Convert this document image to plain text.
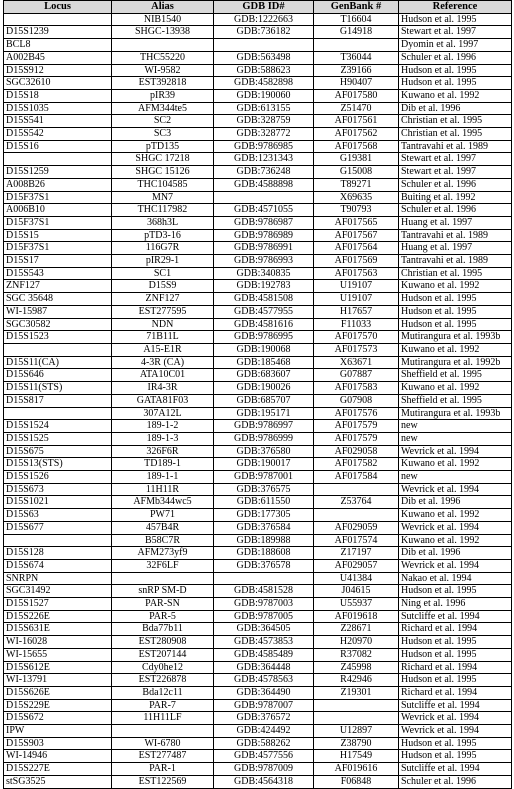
Locus	Alias	GDB ID#	GenBank #	Reference
	NIB1540	GDB:1222663	T16604	Hudson et al. 1995
D15S1239	SHGC-13938	GDB:736182	G14918	Stewart et al. 1997
BCL8				Dyomin et al. 1997
A002B45	THC55220	GDB:563498	T36044	Schuler et al. 1996
D15S912	WI-9582	GDB:588623	Z39166	Hudson et al. 1995
SGC32610	EST392818	GDB:4582898	H90407	Hudson et al. 1995
D15S18	pIR39	GDB:190060	AF017580	Kuwano et al. 1992
D15S1035	AFM344te5	GDB:613155	Z51470	Dib et al. 1996
D15S541	SC2	GDB:328759	AF017561	Christian et al. 1995
D15S542	SC3	GDB:328772	AF017562	Christian et al. 1995
D15S16	pTD135	GDB:9786985	AF017568	Tantravahi et al. 1989
	SHGC 17218	GDB:1231343	G19381	Stewart et al. 1997
D15S1259	SHGC 15126	GDB:736248	G15008	Stewart et al. 1997
A008B26	THC104585	GDB:4588898	T89271	Schuler et al. 1996
D15F37S1	MN7		X69635	Buiting et al. 1992
A006B10	THC117982	GDB:4571055	T90793	Schuler et al. 1996
D15F37S1	368h3L	GDB:9786987	AF017565	Huang et al. 1997
D15S15	pTD3-16	GDB:9786989	AF017567	Tantravahi et al. 1989
D15F37S1	116G7R	GDB:9786991	AF017564	Huang et al. 1997
D15S17	pIR29-1	GDB:9786993	AF017569	Tantravahi et al. 1989
D15S543	SC1	GDB:340835	AF017563	Christian et al. 1995
ZNF127	D15S9	GDB:192783	U19107	Kuwano et al. 1992
SGC 35648	ZNF127	GDB:4581508	U19107	Hudson et al. 1995
WI-15987	EST277595	GDB:4577955	H17657	Hudson et al. 1995
SGC30582	NDN	GDB:4581616	F11033	Hudson et al. 1995
D15S1523	71B11L	GDB:9786995	AF017570	Mutirangura et al. 1993b
	A15-E1R	GDB:190068	AF017573	Kuwano et al. 1992
D15S11(CA)	4-3R (CA)	GDB:185468	X63671	Mutirangura et al. 1992b
D15S646	ATA10C01	GDB:683607	G07887	Sheffield et al. 1995
D15S11(STS)	IR4-3R	GDB:190026	AF017583	Kuwano et al. 1992
D15S817	GATA81F03	GDB:685707	G07908	Sheffield et al. 1995
	307A12L	GDB:195171	AF017576	Mutirangura et al. 1993b
D15S1524	189-1-2	GDB:9786997	AF017579	new
D15S1525	189-1-3	GDB:9786999	AF017579	new
D15S675	326F6R	GDB:376580	AF029058	Wevrick et al. 1994
D15S13(STS)	TD189-1	GDB:190017	AF017582	Kuwano et al. 1992
D15S1526	189-1-1	GDB:9787001	AF017584	new
D15S673	11H11R	GDB:376575		Wevrick et al. 1994
D15S1021	AFMb344wc5	GDB:611550	Z53764	Dib et al. 1996
D15S63	PW71	GDB:177305		Kuwano et al. 1992
D15S677	457B4R	GDB:376584	AF029059	Wevrick et al. 1994
	B58C7R	GDB:189988	AF017574	Kuwano et al. 1992
D15S128	AFM273yf9	GDB:188608	Z17197	Dib et al. 1996
D15S674	32F6LF	GDB:376578	AF029057	Wevrick et al. 1994
SNRPN			U41384	Nakao et al. 1994
SGC31492	snRP SM-D	GDB:4581528	J04615	Hudson et al. 1995
D15S1527	PAR-SN	GDB:9787003	U55937	Ning et al. 1996
D15S226E	PAR-5	GDB:9787005	AF019618	Sutcliffe et al. 1994
D15S631E	Bda77b11	GDB:364505	Z28671	Richard et al. 1994
WI-16028	EST280908	GDB:4573853	H20970	Hudson et al. 1995
WI-15655	EST207144	GDB:4585489	R37082	Hudson et al. 1995
D15S612E	Cdy0he12	GDB:364448	Z45998	Richard et al. 1994
WI-13791	EST226878	GDB:4578563	R42946	Hudson et al. 1995
D15S626E	Bda12c11	GDB:364490	Z19301	Richard et al. 1994
D15S229E	PAR-7	GDB:9787007		Sutcliffe et al. 1994
D15S672	11H11LF	GDB:376572		Wevrick et al. 1994
IPW		GDB:424492	U12897	Wevrick et al. 1994
D15S903	WI-6780	GDB:588262	Z38790	Hudson et al. 1995
WI-14946	EST277487	GDB:4577556	H17549	Hudson et al. 1995
D15S227E	PAR-1	GDB:9787009	AF019616	Sutcliffe et al. 1994
stSG3525	EST122569	GDB:4564318	F06848	Schuler et al. 1996
